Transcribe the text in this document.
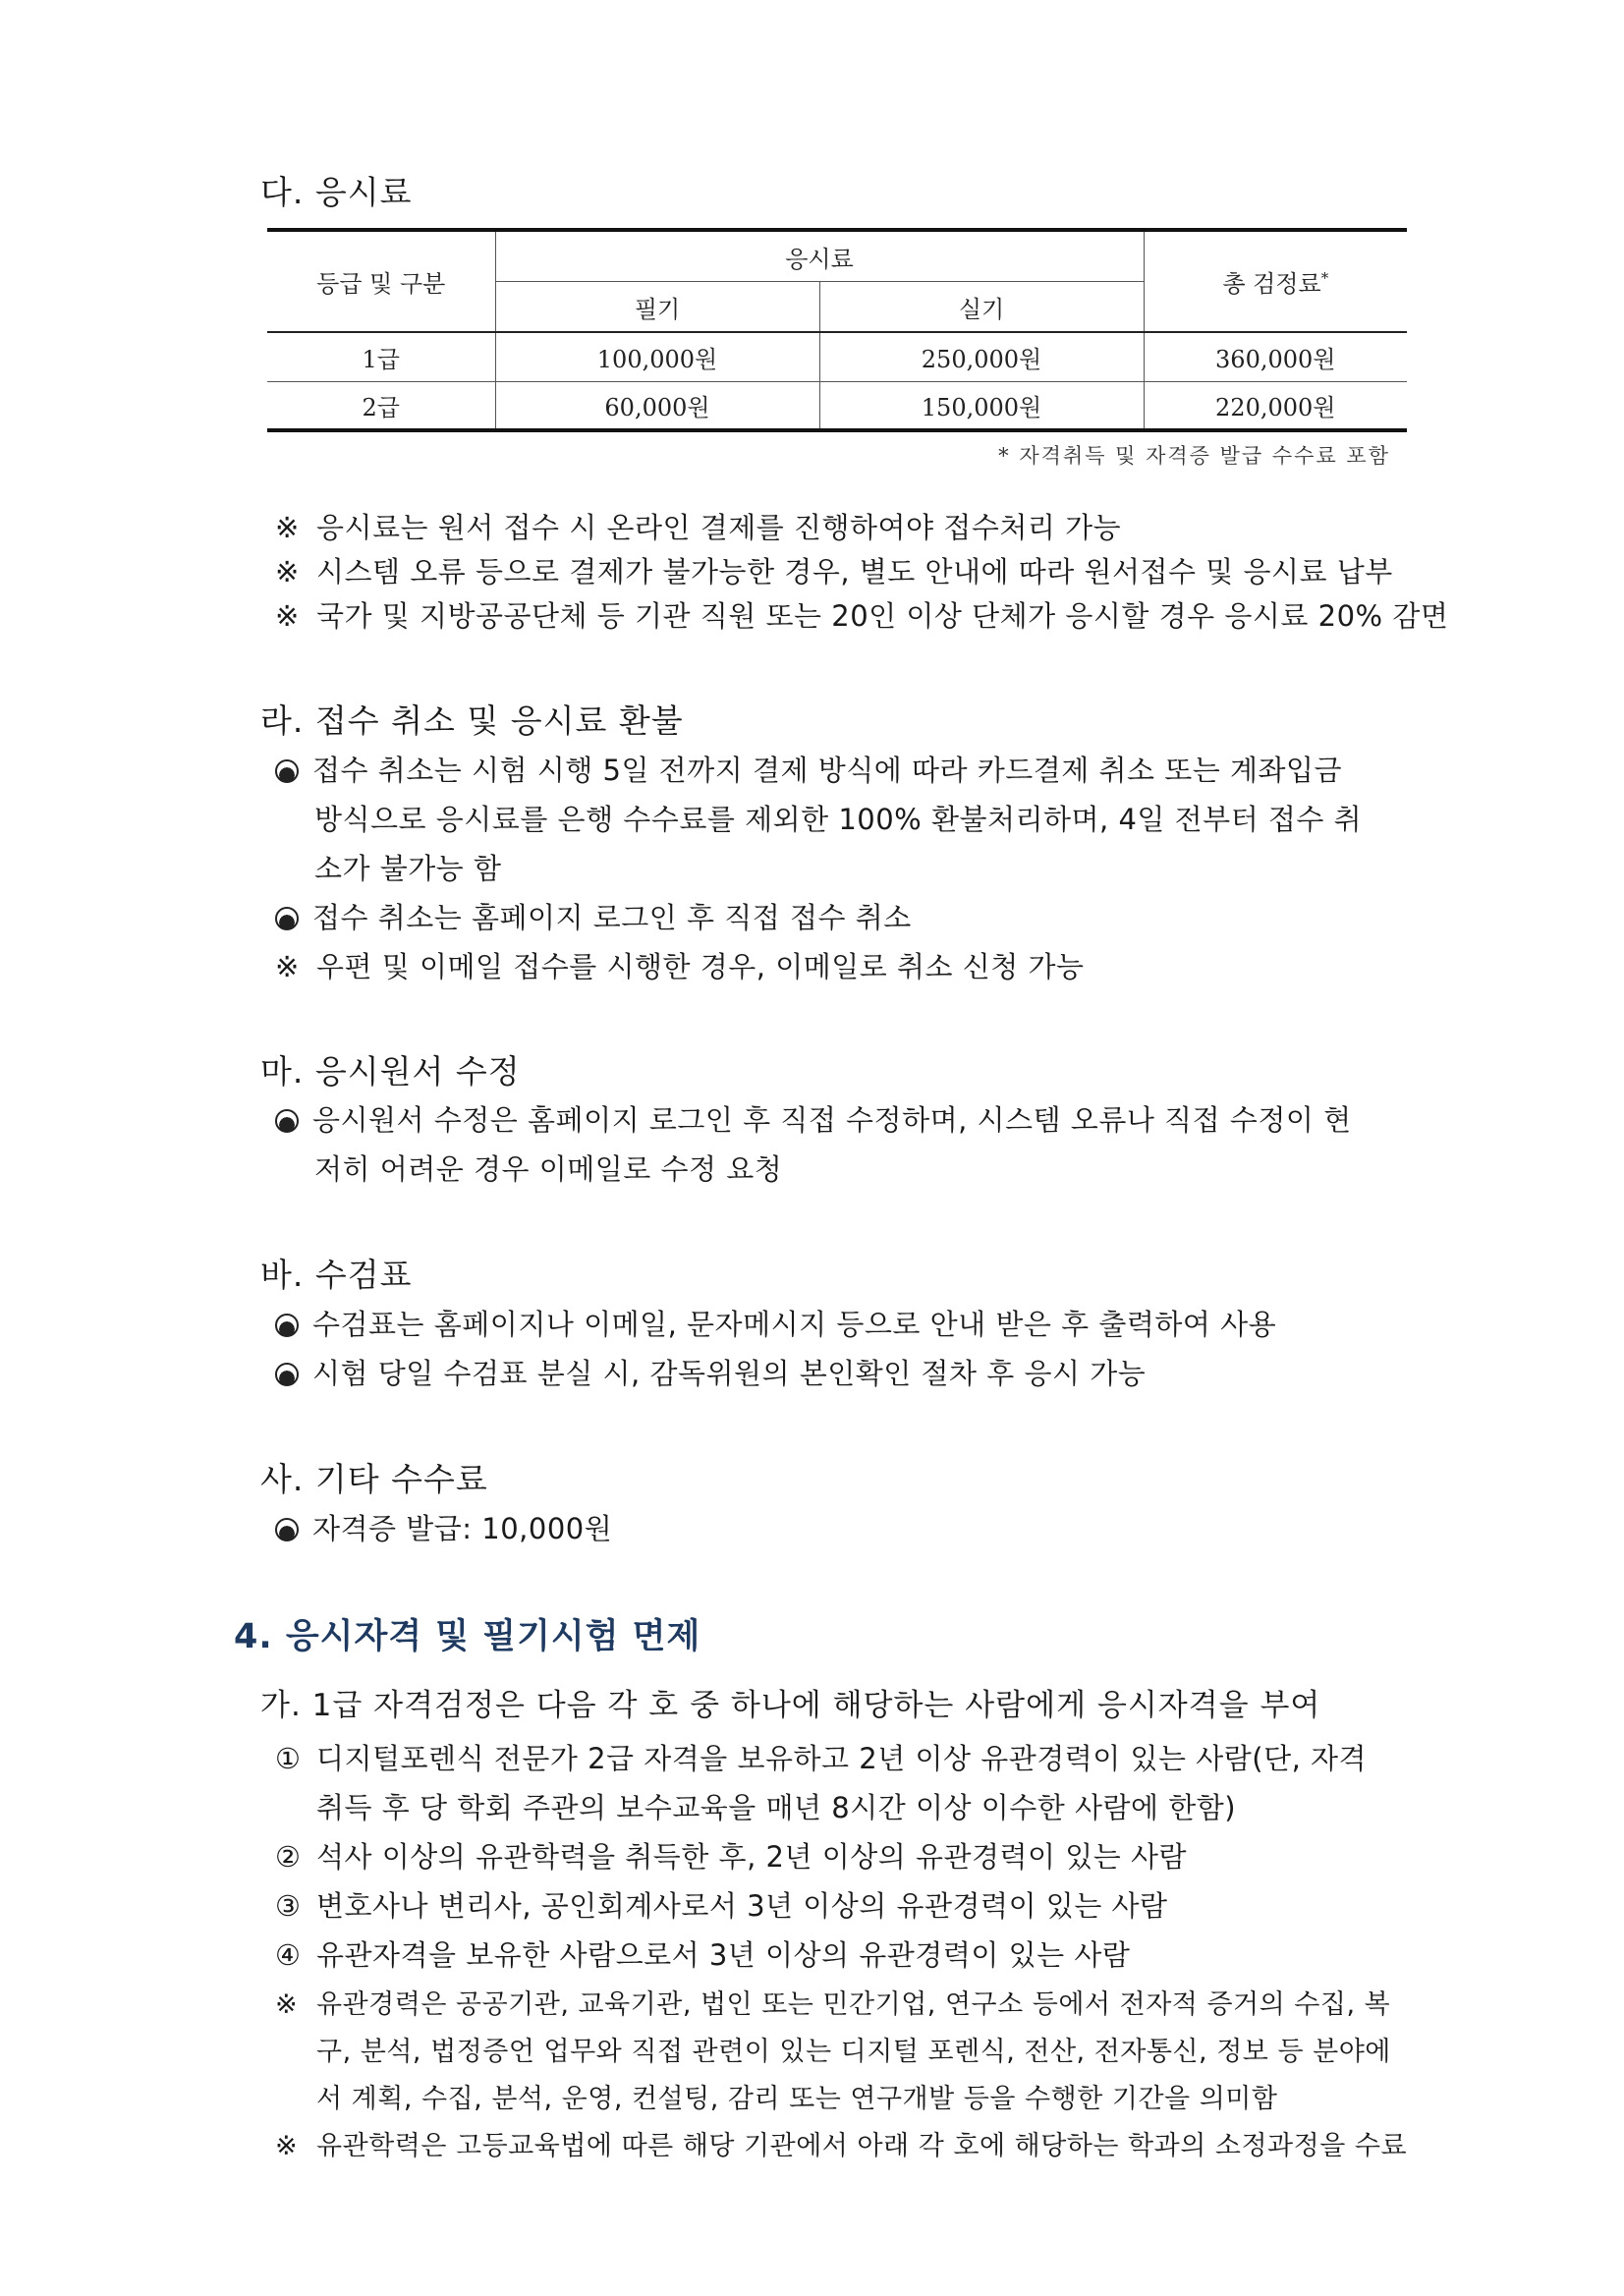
다. 응시료
등급 및 구분	응시료		총 검정료*
	필기	실기	
1급	100,000원	250,000원	360,000원
2급	60,000원	150,000원	220,000원
* 자격취득 및 자격증 발급 수수료 포함
※ 응시료는 원서 접수 시 온라인 결제를 진행하여야 접수처리 가능
※ 시스템 오류 등으로 결제가 불가능한 경우, 별도 안내에 따라 원서접수 및 응시료 납부
※ 국가 및 지방공공단체 등 기관 직원 또는 20인 이상 단체가 응시할 경우 응시료 20% 감면
라. 접수 취소 및 응시료 환불
접수 취소는 시험 시행 5일 전까지 결제 방식에 따라 카드결제 취소 또는 계좌입금
방식으로 응시료를 은행 수수료를 제외한 100% 환불처리하며, 4일 전부터 접수 취
소가 불가능 함
접수 취소는 홈페이지 로그인 후 직접 접수 취소
※ 우편 및 이메일 접수를 시행한 경우, 이메일로 취소 신청 가능
마. 응시원서 수정
응시원서 수정은 홈페이지 로그인 후 직접 수정하며, 시스템 오류나 직접 수정이 현
저히 어려운 경우 이메일로 수정 요청
바. 수검표
수검표는 홈페이지나 이메일, 문자메시지 등으로 안내 받은 후 출력하여 사용
시험 당일 수검표 분실 시, 감독위원의 본인확인 절차 후 응시 가능
사. 기타 수수료
자격증 발급: 10,000원
4. 응시자격 및 필기시험 면제
가. 1급 자격검정은 다음 각 호 중 하나에 해당하는 사람에게 응시자격을 부여
① 디지털포렌식 전문가 2급 자격을 보유하고 2년 이상 유관경력이 있는 사람(단, 자격
취득 후 당 학회 주관의 보수교육을 매년 8시간 이상 이수한 사람에 한함)
② 석사 이상의 유관학력을 취득한 후, 2년 이상의 유관경력이 있는 사람
③ 변호사나 변리사, 공인회계사로서 3년 이상의 유관경력이 있는 사람
④ 유관자격을 보유한 사람으로서 3년 이상의 유관경력이 있는 사람
※ 유관경력은 공공기관, 교육기관, 법인 또는 민간기업, 연구소 등에서 전자적 증거의 수집, 복
구, 분석, 법정증언 업무와 직접 관련이 있는 디지털 포렌식, 전산, 전자통신, 정보 등 분야에
서 계획, 수집, 분석, 운영, 컨설팅, 감리 또는 연구개발 등을 수행한 기간을 의미함
※ 유관학력은 고등교육법에 따른 해당 기관에서 아래 각 호에 해당하는 학과의 소정과정을 수료
